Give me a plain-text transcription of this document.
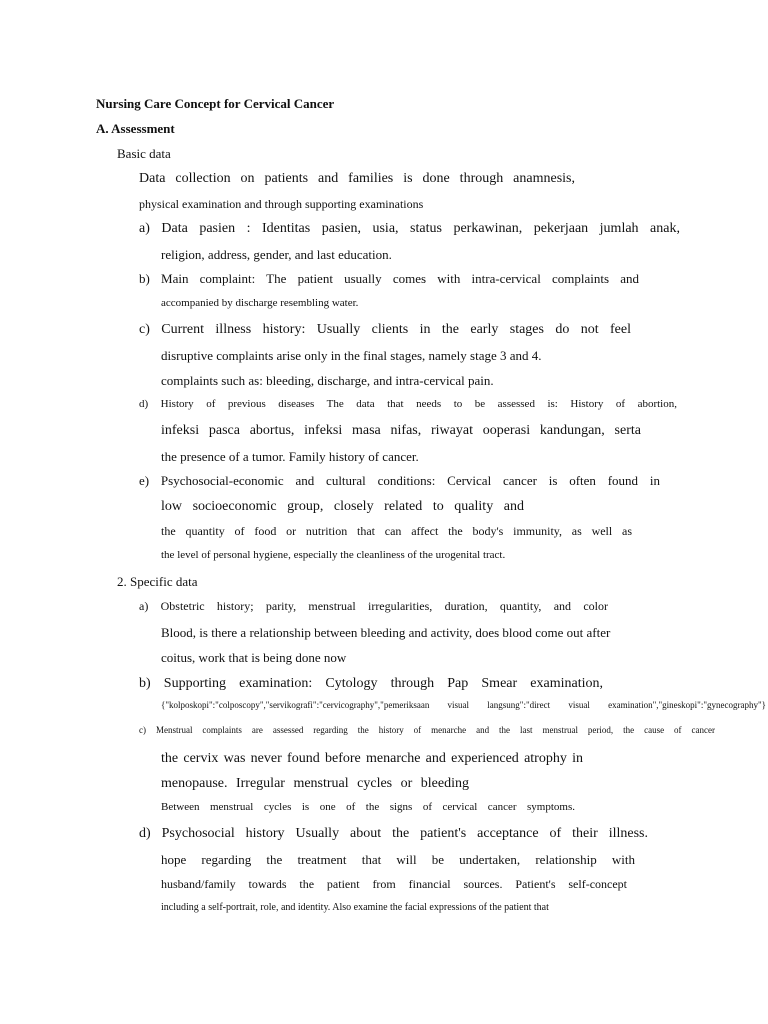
Nursing Care Concept for Cervical Cancer
A. Assessment
Basic data
Data collection on patients and families is done through anamnesis,
physical examination and through supporting examinations
a) Data pasien : Identitas pasien, usia, status perkawinan, pekerjaan jumlah anak,
religion, address, gender, and last education.
b) Main complaint: The patient usually comes with intra-cervical complaints and
accompanied by discharge resembling water.
c) Current illness history: Usually clients in the early stages do not feel
disruptive complaints arise only in the final stages, namely stage 3 and 4.
complaints such as: bleeding, discharge, and intra-cervical pain.
d) History of previous diseases The data that needs to be assessed is: History of abortion,
infeksi pasca abortus, infeksi masa nifas, riwayat ooperasi kandungan, serta
the presence of a tumor. Family history of cancer.
e) Psychosocial-economic and cultural conditions: Cervical cancer is often found in
low socioeconomic group, closely related to quality and
the quantity of food or nutrition that can affect the body's immunity, as well as
the level of personal hygiene, especially the cleanliness of the urogenital tract.
2. Specific data
a) Obstetric history; parity, menstrual irregularities, duration, quantity, and color
Blood, is there a relationship between bleeding and activity, does blood come out after
coitus, work that is being done now
b) Supporting examination: Cytology through Pap Smear examination,
{"kolposkopi":"colposcopy","servikografi":"cervicography","pemeriksaan visual langsung":"direct visual examination","gineskopi":"gynecography"}
c) Menstrual complaints are assessed regarding the history of menarche and the last menstrual period, the cause of cancer
the cervix was never found before menarche and experienced atrophy in
menopause. Irregular menstrual cycles or bleeding
Between menstrual cycles is one of the signs of cervical cancer symptoms.
d) Psychosocial history Usually about the patient's acceptance of their illness.
hope regarding the treatment that will be undertaken, relationship with
husband/family towards the patient from financial sources. Patient's self-concept
including a self-portrait, role, and identity. Also examine the facial expressions of the patient that
